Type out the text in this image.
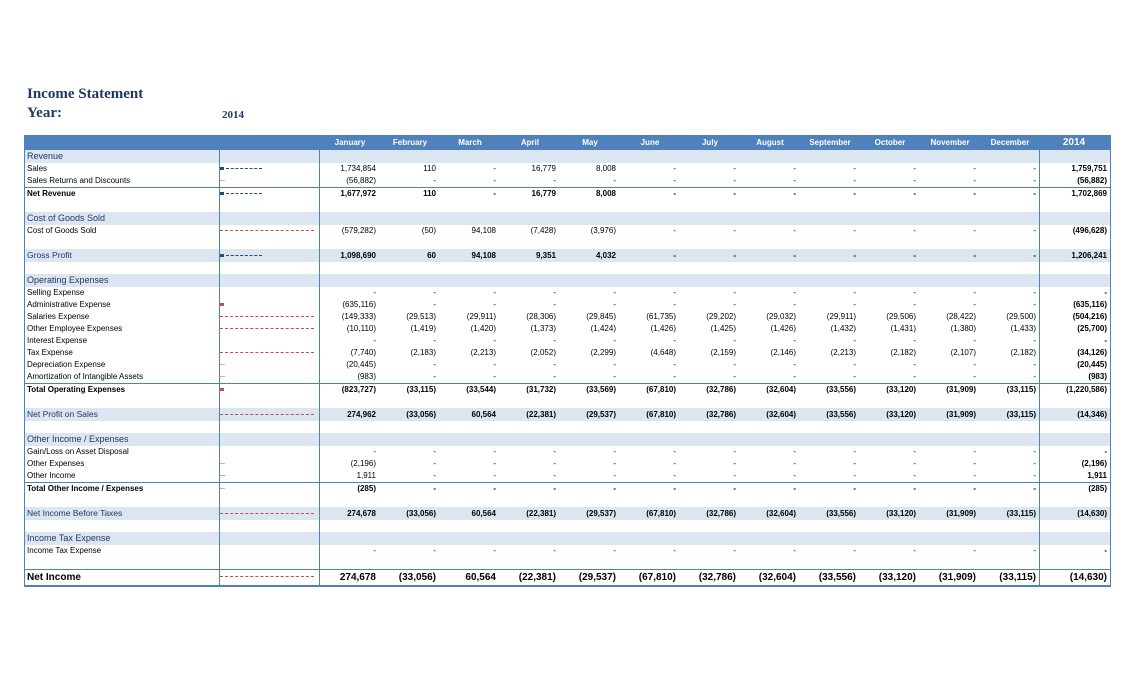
Income Statement
Year:	2014
January	February	March	April	May	June	July	August	September	October	November	December	2014
Revenue
Sales	1,734,854	110	-	16,779	8,008	-	-	-	-	-	-	-	1,759,751
Sales Returns and Discounts	(56,882)	-	-	-	-	-	-	-	-	-	-	-	(56,882)
Net Revenue	1,677,972	110	-	16,779	8,008	-	-	-	-	-	-	-	1,702,869
Cost of Goods Sold
Cost of Goods Sold	(579,282)	(50)	94,108	(7,428)	(3,976)	-	-	-	-	-	-	-	(496,628)
Gross Profit	1,098,690	60	94,108	9,351	4,032	-	-	-	-	-	-	-	1,206,241
Operating Expenses
Selling Expense	-	-	-	-	-	-	-	-	-	-	-	-	-
Administrative Expense	(635,116)	-	-	-	-	-	-	-	-	-	-	-	(635,116)
Salaries Expense	(149,333)	(29,513)	(29,911)	(28,306)	(29,845)	(61,735)	(29,202)	(29,032)	(29,911)	(29,506)	(28,422)	(29,500)	(504,216)
Other Employee Expenses	(10,110)	(1,419)	(1,420)	(1,373)	(1,424)	(1,426)	(1,425)	(1,426)	(1,432)	(1,431)	(1,380)	(1,433)	(25,700)
Interest Expense	-	-	-	-	-	-	-	-	-	-	-	-	-
Tax Expense	(7,740)	(2,183)	(2,213)	(2,052)	(2,299)	(4,648)	(2,159)	(2,146)	(2,213)	(2,182)	(2,107)	(2,182)	(34,126)
Depreciation Expense	(20,445)	-	-	-	-	-	-	-	-	-	-	-	(20,445)
Amortization of Intangible Assets	(983)	-	-	-	-	-	-	-	-	-	-	-	(983)
Total Operating Expenses	(823,727)	(33,115)	(33,544)	(31,732)	(33,569)	(67,810)	(32,786)	(32,604)	(33,556)	(33,120)	(31,909)	(33,115)	(1,220,586)
Net Profit on Sales	274,962	(33,056)	60,564	(22,381)	(29,537)	(67,810)	(32,786)	(32,604)	(33,556)	(33,120)	(31,909)	(33,115)	(14,346)
Other Income / Expenses
Gain/Loss on Asset Disposal	-	-	-	-	-	-	-	-	-	-	-	-	-
Other Expenses	(2,196)	-	-	-	-	-	-	-	-	-	-	-	(2,196)
Other Income	1,911	-	-	-	-	-	-	-	-	-	-	-	1,911
Total Other Income / Expenses	(285)	-	-	-	-	-	-	-	-	-	-	-	(285)
Net Income Before Taxes	274,678	(33,056)	60,564	(22,381)	(29,537)	(67,810)	(32,786)	(32,604)	(33,556)	(33,120)	(31,909)	(33,115)	(14,630)
Income Tax Expense
Income Tax Expense	-	-	-	-	-	-	-	-	-	-	-	-	-
Net Income	274,678	(33,056)	60,564	(22,381)	(29,537)	(67,810)	(32,786)	(32,604)	(33,556)	(33,120)	(31,909)	(33,115)	(14,630)
